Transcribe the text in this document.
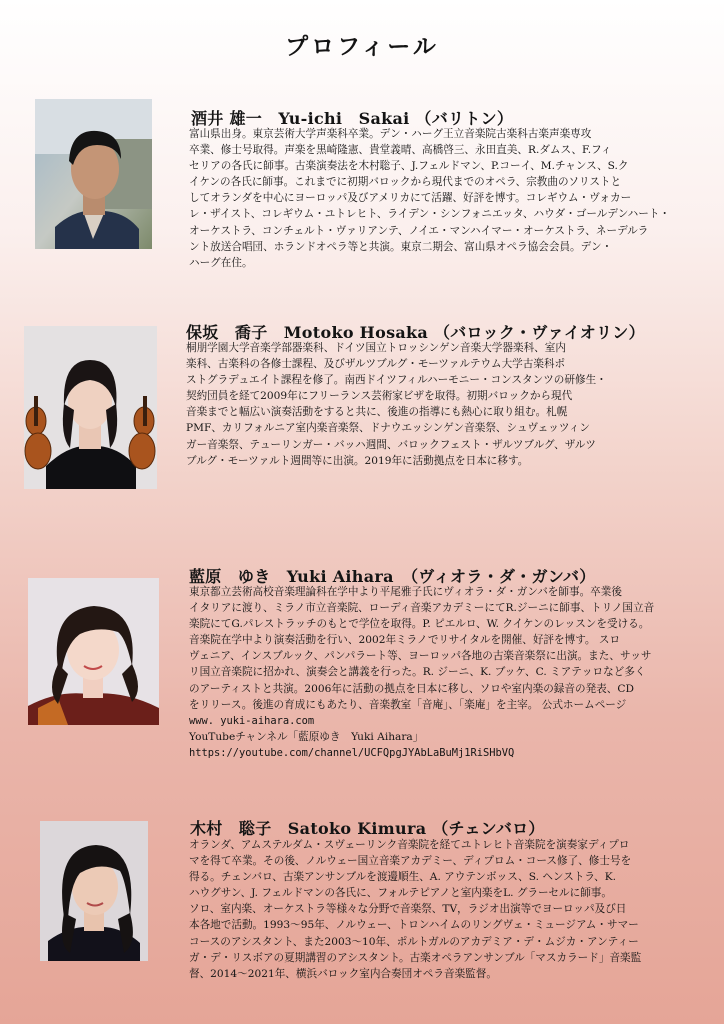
プロフィール
酒井 雄一　Yu-ichi　Sakai （バリトン）
富山県出身。東京芸術大学声楽科卒業。デン・ハーグ王立音楽院古楽科古楽声楽専攻
卒業、修士号取得。声楽を黒崎隆憲、貴堂義晴、高橋啓三、永田直美、R.ダムス、F.フィ
セリアの各氏に師事。古楽演奏法を木村聡子、J.フェルドマン、P.コーイ、M.チャンス、S.ク
イケンの各氏に師事。これまでに初期バロックから現代までのオペラ、宗教曲のソリストと
してオランダを中心にヨーロッパ及びアメリカにて活躍、好評を博す。コレギウム・ヴォカー
レ・ザイスト、コレギウム・ユトレヒト、ライデン・シンフォニエッタ、ハウダ・ゴールデンハート・
オーケストラ、コンチェルト・ヴァリアンテ、ノイエ・マンハイマー・オーケストラ、ネーデルラ
ント放送合唱団、ホランドオペラ等と共演。東京二期会、富山県オペラ協会会員。デン・
ハーグ在住。
保坂　喬子　Motoko Hosaka （バロック・ヴァイオリン）
桐朋学園大学音楽学部器楽科、ドイツ国立トロッシンゲン音楽大学器楽科、室内
楽科、古楽科の各修士課程、及びザルツブルグ・モーツァルテウム大学古楽科ポ
ストグラデュエイト課程を修了。南西ドイツフィルハーモニー・コンスタンツの研修生・
契約団員を経て2009年にフリーランス芸術家ビザを取得。初期バロックから現代
音楽までと幅広い演奏活動をすると共に、後進の指導にも熱心に取り組む。札幌
PMF、カリフォルニア室内楽音楽祭、ドナウエッシンゲン音楽祭、シュヴェッツィン
ガー音楽祭、テューリンガー・バッハ週間、バロックフェスト・ザルツブルグ、ザルツ
ブルグ・モーツァルト週間等に出演。2019年に活動拠点を日本に移す。
藍原　ゆき　Yuki Aihara　（ヴィオラ・ダ・ガンバ）
東京都立芸術高校音楽理論科在学中より平尾雅子氏にヴィオラ・ダ・ガンバを師事。卒業後
イタリアに渡り、ミラノ市立音楽院、ローディ音楽アカデミーにてR.ジーニに師事、トリノ国立音
楽院にてG.パレストラッチのもとで学位を取得。P. ピエルロ、W. クイケンのレッスンを受ける。
音楽院在学中より演奏活動を行い、2002年ミラノでリサイタルを開催、好評を博す。 スロ
ヴェニア、インスブルック、パンパラート等、ヨーロッパ各地の古楽音楽祭に出演。また、サッサ
リ国立音楽院に招かれ、演奏会と講義を行った。R. ジーニ、K. ブッケ、C. ミアテッロなど多く
のアーティストと共演。2006年に活動の拠点を日本に移し、ソロや室内楽の録音の発表、CD
をリリース。後進の育成にもあたり、音楽教室「音庵」、「楽庵」を主宰。 公式ホームページ
www. yuki-aihara.com
YouTubeチャンネル「藍原ゆき　Yuki Aihara」
https://youtube.com/channel/UCFQpgJYAbLaBuMj1RiSHbVQ
木村　聡子　Satoko Kimura （チェンバロ）
オランダ、アムステルダム・スヴェーリンク音楽院を経てユトレヒト音楽院を演奏家ディプロ
マを得て卒業。その後、ノルウェー国立音楽アカデミー、ディプロム・コース修了、修士号を
得る。チェンバロ、古楽アンサンブルを渡邊順生、A. アウテンボッス、S. ヘンストラ、K.
ハウグサン、J. フェルドマンの各氏に、フォルテピアノと室内楽をL. グラーセルに師事。
ソロ、室内楽、オーケストラ等様々な分野で音楽祭、TV，ラジオ出演等でヨーロッパ及び日
本各地で活動。1993～95年、ノルウェー、トロンハイムのリングヴェ・ミュージアム・サマー
コースのアシスタント、また2003～10年、ポルトガルのアカデミア・デ・ムジカ・アンティー
ガ・デ・リスボアの夏期講習のアシスタント。古楽オペラアンサンブル「マスカラード」音楽監
督、2014～2021年、横浜バロック室内合奏団オペラ音楽監督。
